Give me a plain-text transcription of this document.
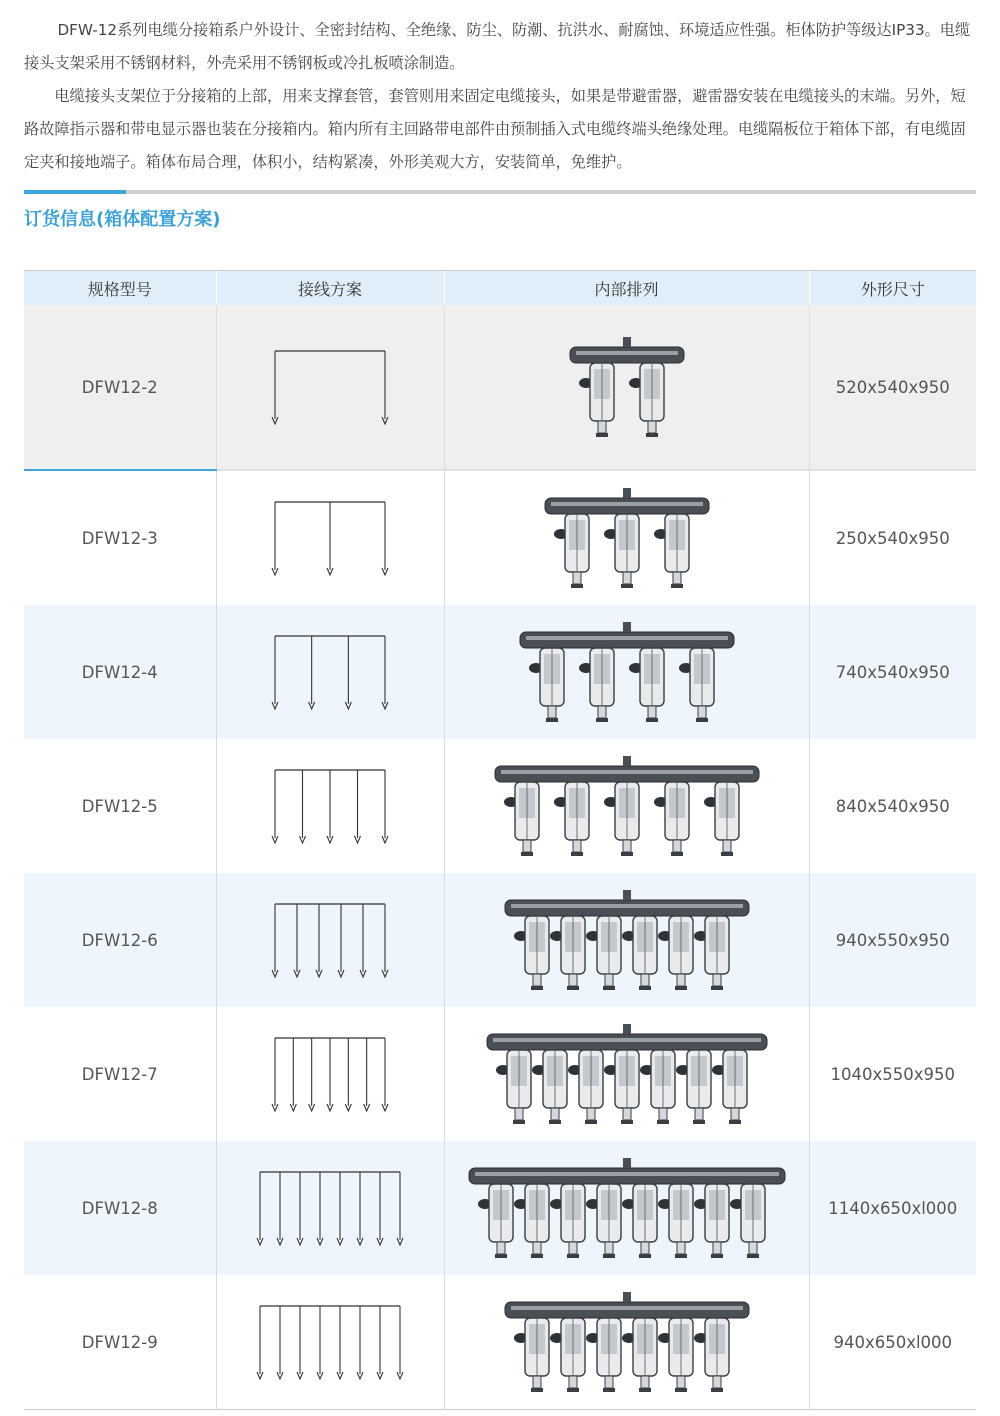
DFW-12系列电缆分接箱系户外设计、全密封结构、全绝缘、防尘、防潮、抗洪水、耐腐蚀、环境适应性强。柜体防护等级达IP33。电缆接头支架采用不锈钢材料，外壳采用不锈钢板或冷扎板喷涂制造。

电缆接头支架位于分接箱的上部，用来支撑套管，套管则用来固定电缆接头，如果是带避雷器，避雷器安装在电缆接头的末端。另外，短路故障指示器和带电显示器也装在分接箱内。箱内所有主回路带电部件由预制插入式电缆终端头绝缘处理。电缆隔板位于箱体下部，有电缆固定夹和接地端子。箱体布局合理，体积小，结构紧凑，外形美观大方，安装简单，免维护。

订货信息(箱体配置方案)
规格型号	接线方案	内部排列	外形尺寸
DFW12-2			520x540x950
DFW12-3			250x540x950
DFW12-4			740x540x950
DFW12-5			840x540x950
DFW12-6			940x550x950
DFW12-7			1040x550x950
DFW12-8			1140x650xl000
DFW12-9			940x650xl000
